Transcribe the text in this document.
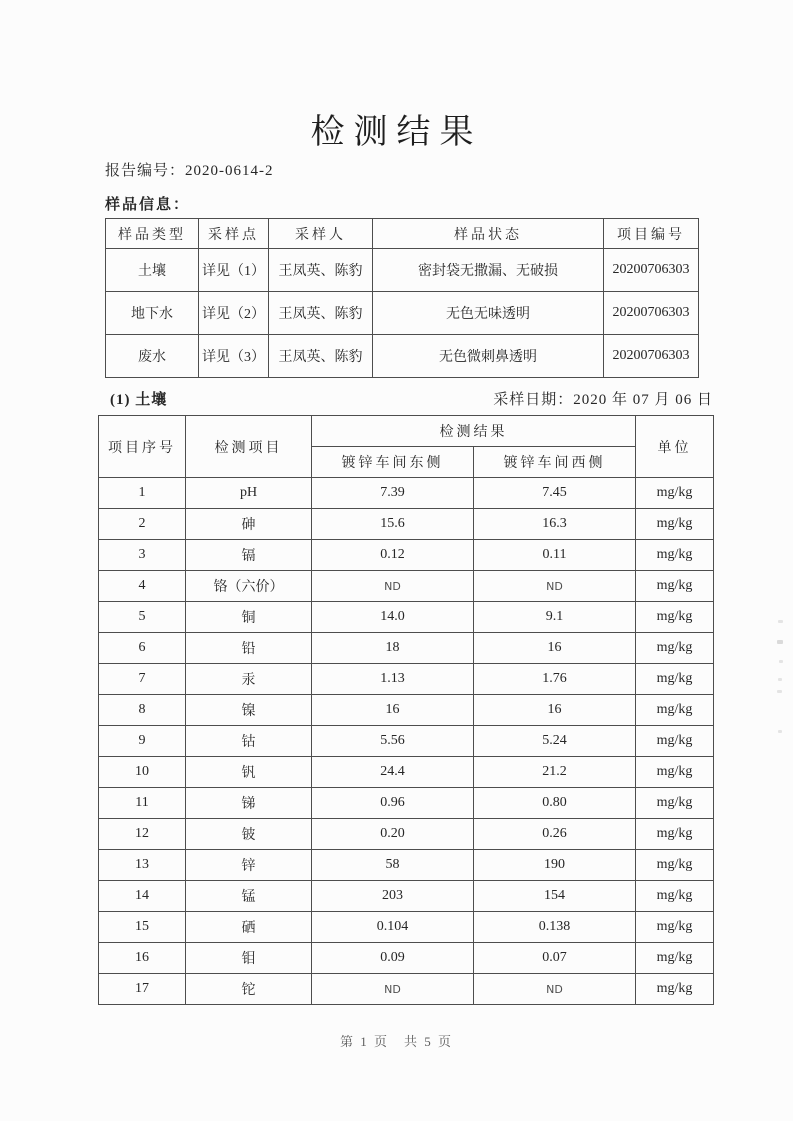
检测结果
报告编号：2020-0614-2
样品信息：
样品类型	采样点	采样人	样品状态	项目编号
土壤	详见（1）	王凤英、陈豹	密封袋无撒漏、无破损	20200706303
地下水	详见（2）	王凤英、陈豹	无色无味透明	20200706303
废水	详见（3）	王凤英、陈豹	无色微刺鼻透明	20200706303
(1) 土壤	采样日期：2020 年 07 月 06 日
项目序号	检测项目	检测结果		单位
		镀锌车间东侧	镀锌车间西侧	
1	pH	7.39	7.45	mg/kg
2	砷	15.6	16.3	mg/kg
3	镉	0.12	0.11	mg/kg
4	铬（六价）	ND	ND	mg/kg
5	铜	14.0	9.1	mg/kg
6	铅	18	16	mg/kg
7	汞	1.13	1.76	mg/kg
8	镍	16	16	mg/kg
9	钴	5.56	5.24	mg/kg
10	钒	24.4	21.2	mg/kg
11	锑	0.96	0.80	mg/kg
12	铍	0.20	0.26	mg/kg
13	锌	58	190	mg/kg
14	锰	203	154	mg/kg
15	硒	0.104	0.138	mg/kg
16	钼	0.09	0.07	mg/kg
17	铊	ND	ND	mg/kg
第 1 页　共 5 页
